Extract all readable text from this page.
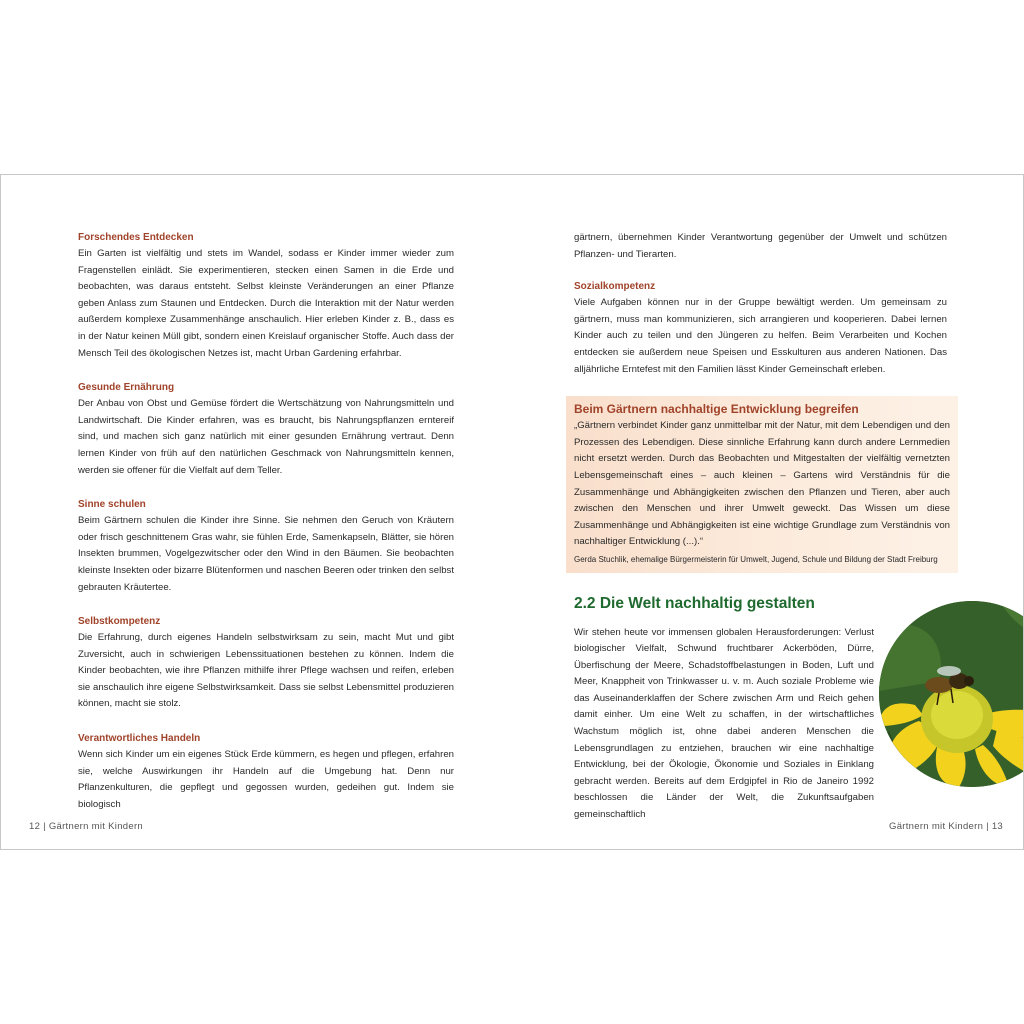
Forschendes Entdecken

Ein Garten ist vielfältig und stets im Wandel, sodass er Kinder immer wieder zum Fragenstellen einlädt. Sie experimentieren, stecken einen Samen in die Erde und beobachten, was daraus entsteht. Selbst kleinste Veränderungen an einer Pflanze geben Anlass zum Staunen und Entdecken. Durch die Interaktion mit der Natur werden außerdem komplexe Zusammenhänge anschaulich. Hier erleben Kinder z. B., dass es in der Natur keinen Müll gibt, sondern einen Kreislauf organischer Stoffe. Auch dass der Mensch Teil des ökologischen Netzes ist, macht Urban Gardening erfahrbar.

Gesunde Ernährung

Der Anbau von Obst und Gemüse fördert die Wertschätzung von Nahrungsmitteln und Landwirtschaft. Die Kinder erfahren, was es braucht, bis Nahrungspflanzen erntereif sind, und machen sich ganz natürlich mit einer gesunden Ernährung vertraut. Denn lernen Kinder von früh auf den natürlichen Geschmack von Nahrungsmitteln kennen, werden sie offener für die Vielfalt auf dem Teller.

Sinne schulen

Beim Gärtnern schulen die Kinder ihre Sinne. Sie nehmen den Geruch von Kräutern oder frisch geschnittenem Gras wahr, sie fühlen Erde, Samenkapseln, Blätter, sie hören Insekten brummen, Vogelgezwitscher oder den Wind in den Bäumen. Sie beobachten kleinste Insekten oder bizarre Blütenformen und naschen Beeren oder trinken den selbst gebrauten Kräutertee.

Selbstkompetenz

Die Erfahrung, durch eigenes Handeln selbstwirksam zu sein, macht Mut und gibt Zuversicht, auch in schwierigen Lebenssituationen bestehen zu können. Indem die Kinder beobachten, wie ihre Pflanzen mithilfe ihrer Pflege wachsen und reifen, erleben sie anschaulich ihre eigene Selbstwirksamkeit. Dass sie selbst Lebensmittel produzieren können, macht sie stolz.

Verantwortliches Handeln

Wenn sich Kinder um ein eigenes Stück Erde kümmern, es hegen und pflegen, erfahren sie, welche Auswirkungen ihr Handeln auf die Umgebung hat. Denn nur Pflanzenkulturen, die gepflegt und gegossen wurden, gedeihen gut. Indem sie biologisch

gärtnern, übernehmen Kinder Verantwortung gegenüber der Umwelt und schützen Pflanzen- und Tierarten.

Sozialkompetenz

Viele Aufgaben können nur in der Gruppe bewältigt werden. Um gemeinsam zu gärtnern, muss man kommunizieren, sich arrangieren und kooperieren. Dabei lernen Kinder auch zu teilen und den Jüngeren zu helfen. Beim Verarbeiten und Kochen entdecken sie außerdem neue Speisen und Esskulturen aus anderen Nationen. Das alljährliche Erntefest mit den Familien lässt Kinder Gemeinschaft erleben.

Beim Gärtnern nachhaltige Entwicklung begreifen

„Gärtnern verbindet Kinder ganz unmittelbar mit der Natur, mit dem Lebendigen und den Prozessen des Lebendigen. Diese sinnliche Erfahrung kann durch andere Lernmedien nicht ersetzt werden. Durch das Beobachten und Mitgestalten der vielfältig vernetzten Lebensgemeinschaft eines – auch kleinen – Gartens wird Verständnis für die Zusammenhänge und Abhängigkeiten zwischen den Pflanzen und Tieren, aber auch zwischen den Menschen und ihrer Umwelt geweckt. Das Wissen um diese Zusammenhänge und Abhängigkeiten ist eine wichtige Grundlage zum Verständnis von nachhaltiger Entwicklung (...).“

Gerda Stuchlik, ehemalige Bürgermeisterin für Umwelt, Jugend, Schule und Bildung der Stadt Freiburg

2.2 Die Welt nachhaltig gestalten

Wir stehen heute vor immensen globalen Herausforderungen: Verlust biologischer Vielfalt, Schwund fruchtbarer Ackerböden, Dürre, Überfischung der Meere, Schadstoffbelastungen in Boden, Luft und Meer, Knappheit von Trinkwasser u. v. m. Auch soziale Probleme wie das Auseinanderklaffen der Schere zwischen Arm und Reich gehen damit einher. Um eine Welt zu schaffen, in der wirtschaftliches Wachstum möglich ist, ohne dabei anderen Menschen die Lebensgrundlagen zu entziehen, brauchen wir eine nachhaltige Entwicklung, bei der Ökologie, Ökonomie und Soziales in Einklang gebracht werden. Bereits auf dem Erdgipfel in Rio de Janeiro 1992 beschlossen die Länder der Welt, die Zukunftsaufgaben gemeinschaftlich

12 | Gärtnern mit Kindern	Gärtnern mit Kindern | 13
